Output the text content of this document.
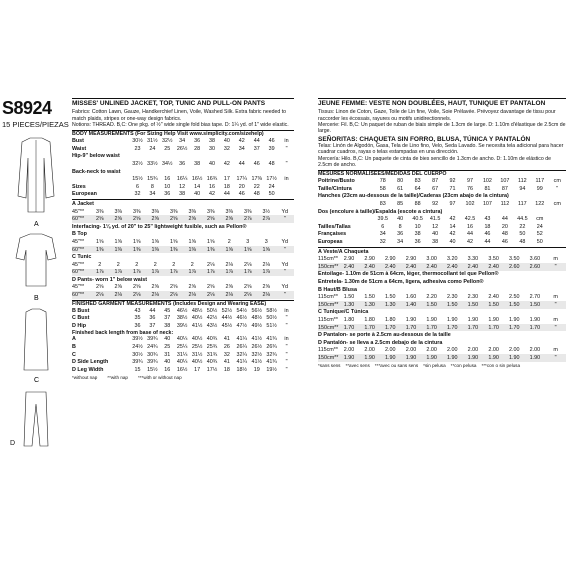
S8924
15 PIECES/PIEZAS
A
B
C
D
MISSES' UNLINED JACKET, TOP, TUNIC AND PULL-ON PANTS
Fabrics: Cotton Lawn, Gauze, Handkerchief Linen, Voile, Washed Silk. Extra fabric needed to match plaids, stripes or one-way design fabrics.
Notions: THREAD. B,C: One pkg. of ½" wide single fold bias tape. D: 1¼ yd. of 1" wide elastic.
BODY MEASUREMENTS (For Sizing Help Visit www.simplicity.com/sizehelp)
Bust	30½	31½	32½	34	36	38	40	42	44	46	in
Waist	23	24	25	26½	28	30	32	34	37	39	"
Hip-9" below waist											
	32½	33½	34½	36	38	40	42	44	46	48	"
Back-neck to waist											
	15½	15¾	16	16¼	16½	16¾	17	17¼	17⅜	17½	in
Sizes	6	8	10	12	14	16	18	20	22	24	
European	32	34	36	38	40	42	44	46	48	50	
A Jacket											
45"**	3⅜	3⅜	3⅜	3⅜	3⅜	3⅜	3⅜	3⅜	3⅜	3½	Yd
60"**	2⅝	2⅝	2⅝	2⅝	2⅝	2⅝	2⅝	2⅝	2⅞	2⅞	"
Interfacing- 1⅛ yd. of 20" to 25" lightweight fusible, such as Pellon®											
B Top											
45"**	1⅝	1⅝	1⅝	1⅝	1⅝	1⅝	1⅝	2	3	3	Yd
60"**	1⅜	1⅜	1⅜	1⅜	1⅜	1⅜	1⅜	1⅝	1⅝	1⅝	"
C Tunic											
45"**	2	2	2	2	2	2	2⅛	2⅛	2⅛	2⅛	Yd
60"**	1⅞	1⅞	1⅞	1⅞	1⅞	1⅞	1⅞	1⅞	1⅞	1⅞	"
D Pants- worn 1" below waist											
45"**	2⅝	2⅝	2⅝	2⅝	2⅝	2⅝	2⅝	2⅝	2⅝	2⅝	Yd
60"**	2⅛	2⅛	2⅛	2⅛	2⅛	2⅛	2⅛	2⅛	2⅛	2⅛	"
FINISHED GARMENT MEASUREMENTS (Includes Design and Wearing EASE)
B Bust	43	44	45	46½	48½	50½	52½	54½	56½	58½	in
C Bust	35	36	37	38½	40½	42½	44½	46½	48½	50½	"
D Hip	36	37	38	39½	41½	43½	45½	47½	49½	51½	"
Finished back length from base of neck:
A	39½	39¾	40	40¼	40½	40¾	41	41¼	41½	41¾	in
B	24½	24¾	25	25¼	25½	25¾	26	26¼	26½	26¾	"
C	30½	30¾	31	31¼	31½	31¾	32	32¼	32½	32¾	"
D Side Length	39¾	39¾	40	40¼	40½	40¾	41	41¼	41½	41¾	"
D Leg Width	15	15½	16	16½	17	17½	18	18½	19	19½	"
*without nap **with nap ***with or without nap
JEUNE FEMME: VESTE NON DOUBLÉES, HAUT, TUNIQUE ET PANTALON
Tissus: Linon de Coton, Gaze, Toile de Lin fine, Voile, Soie Prélavée. Prévoyez davantage de tissu pour raccorder les écossais, rayures ou motifs unidirectionnels.
Mercerie: Fil. B,C: Un paquet de ruban de biais simple de 1.3cm de large. D: 1.10m d'élastique de 2.5cm de large.
SEÑORITAS: CHAQUETA SIN FORRO, BLUSA, TÚNICA Y PANTALÓN
Telas: Linón de Algodón, Gasa, Tela de Lino fino, Velo, Seda Lavado. Se necesita tela adicional para hacer cuadrar cuadros, rayas o telas estampadas en una dirección.
Mercería: Hilo. B,C: Un paquete de cinta de bies sencillo de 1.3cm de ancho. D: 1.10m de elástico de 2.5cm de ancho.
MESURES NORMALISÉES/MEDIDAS DEL CUERPO
Poitrine/Busto	78	80	83	87	92	97	102	107	112	117	cm
Taille/Cintura	58	61	64	67	71	76	81	87	94	99	"
Hanches (23cm au-dessous de la taille)/Caderas (23cm abajo de la cintura)											
	83	85	88	92	97	102	107	112	117	122	cm
Dos (encolure à taille)/Espalda (escote a cintura)											
	39.5	40	40.5	41.5	42	42.5	43	44	44.5	cm	
Tailles/Tallas	6	8	10	12	14	16	18	20	22	24	
Françaises	34	36	38	40	42	44	46	48	50	52	
Europeas	32	34	36	38	40	42	44	46	48	50	
A Veste/A Chaqueta											
115cm**	2.90	2.90	2.90	2.90	3.00	3.20	3.30	3.50	3.50	3.60	m
150cm**	2.40	2.40	2.40	2.40	2.40	2.40	2.40	2.40	2.60	2.60	"
Entoilage- 1.10m de 51cm à 64cm, léger, thermocollant tel que Pellon®											
Entretela- 1.30m de 51cm a 64cm, ligera, adhesiva como Pellon®											
B Haut/B Blusa											
115cm**	1.50	1.50	1.50	1.60	2.20	2.30	2.30	2.40	2.50	2.70	m
150cm**	1.30	1.30	1.30	1.40	1.50	1.50	1.50	1.50	1.50	1.50	"
C Tunique/C Túnica											
115cm**	1.80	1.80	1.80	1.90	1.90	1.90	1.90	1.90	1.90	1.90	m
150cm**	1.70	1.70	1.70	1.70	1.70	1.70	1.70	1.70	1.70	1.70	"
D Pantalon- se porte à 2.5cm au-dessous de la taille											
D Pantalón- se lleva a 2.5cm debajo de la cintura											
115cm**	2.00	2.00	2.00	2.00	2.00	2.00	2.00	2.00	2.00	2.00	m
150cm**	1.90	1.90	1.90	1.90	1.90	1.90	1.90	1.90	1.90	1.90	"
*sans sens **avec sens ***avec ou sans sens *sin pelusa **con pelusa ***con o sin pelusa
